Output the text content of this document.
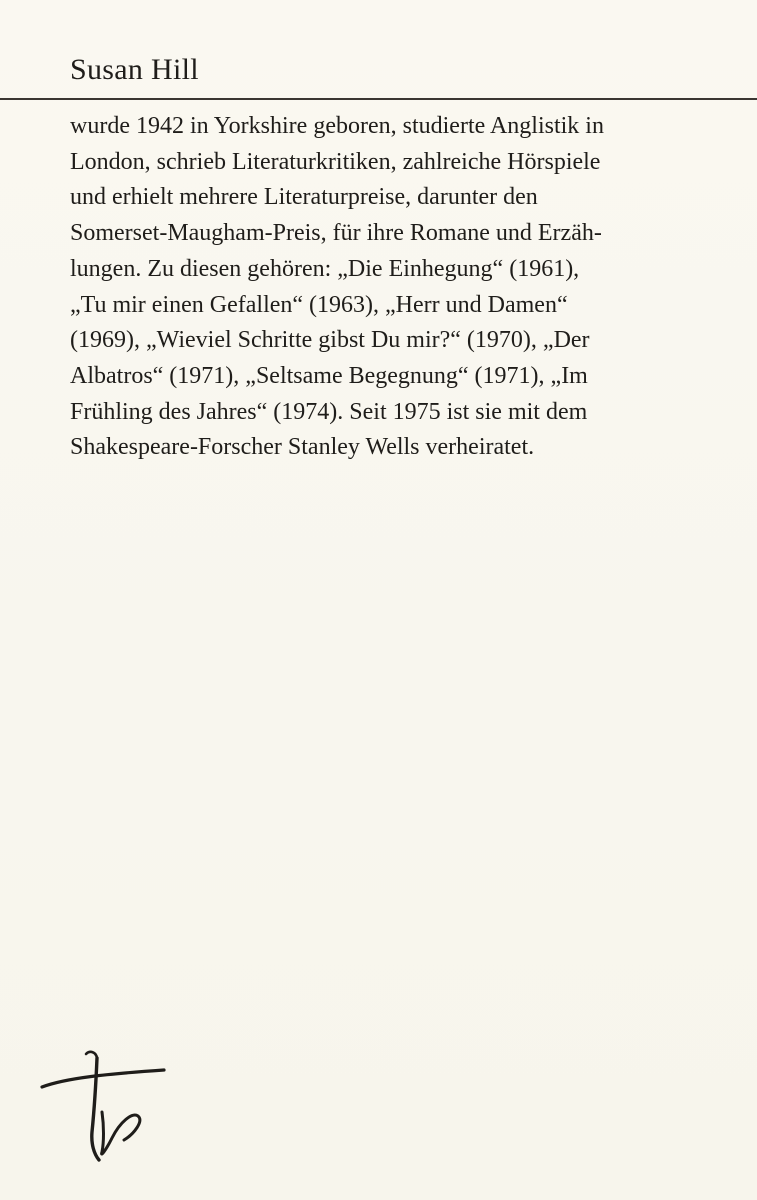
Susan Hill

wurde 1942 in Yorkshire geboren, studierte Anglistik in
London, schrieb Literaturkritiken, zahlreiche Hörspiele
und erhielt mehrere Literaturpreise, darunter den
Somerset-Maugham-Preis, für ihre Romane und Erzäh-
lungen. Zu diesen gehören: „Die Einhegung“ (1961),
„Tu mir einen Gefallen“ (1963), „Herr und Damen“
(1969), „Wieviel Schritte gibst Du mir?“ (1970), „Der
Albatros“ (1971), „Seltsame Begegnung“ (1971), „Im
Frühling des Jahres“ (1974). Seit 1975 ist sie mit dem
Shakespeare-Forscher Stanley Wells verheiratet.
